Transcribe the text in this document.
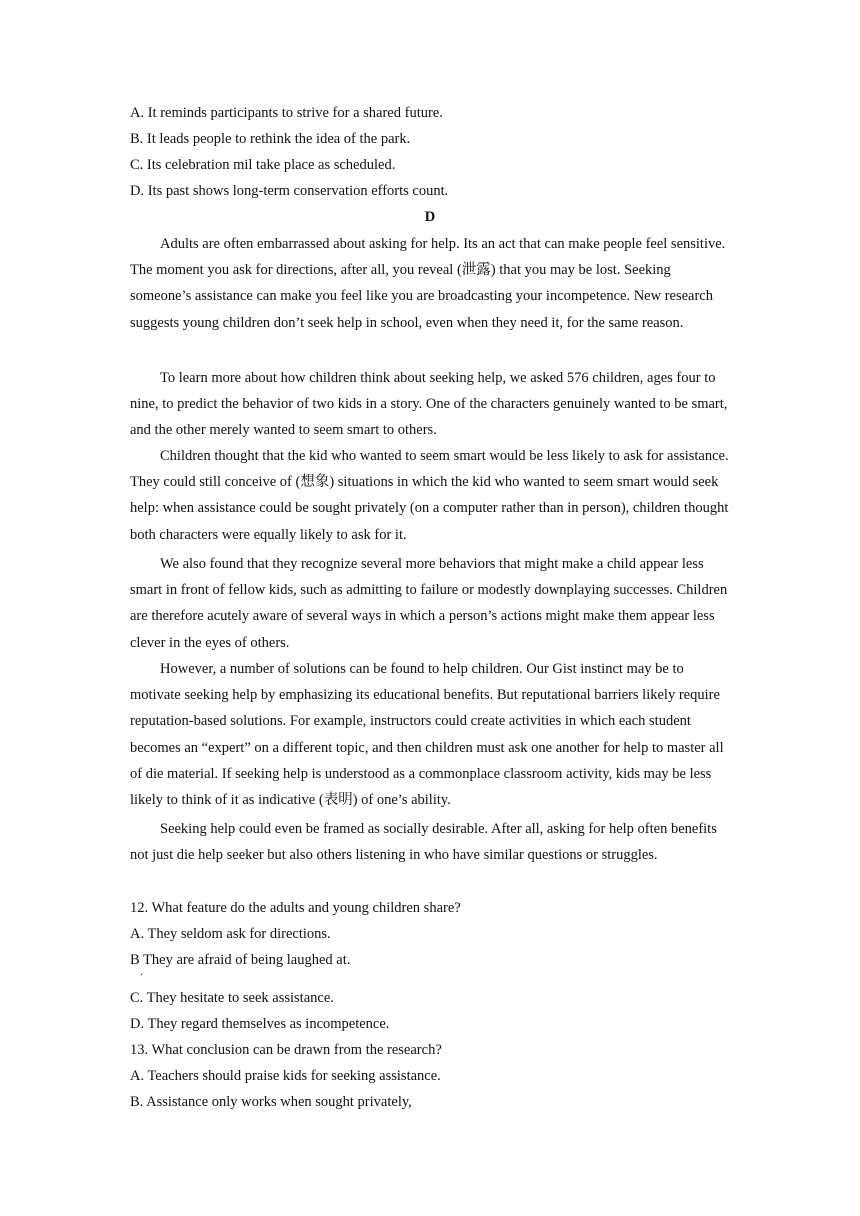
A. It reminds participants to strive for a shared future.
B. It leads people to rethink the idea of the park.
C. Its celebration mil take place as scheduled.
D. Its past shows long-term conservation efforts count.
D
Adults are often embarrassed about asking for help. Its an act that can make people feel sensitive. The moment you ask for directions, after all, you reveal (泄露) that you may be lost. Seeking someone’s assistance can make you feel like you are broadcasting your incompetence. New research suggests young children don’t seek help in school, even when they need it, for the same reason.
To learn more about how children think about seeking help, we asked 576 children, ages four to nine, to predict the behavior of two kids in a story. One of the characters genuinely wanted to be smart, and the other merely wanted to seem smart to others.
Children thought that the kid who wanted to seem smart would be less likely to ask for assistance. They could still conceive of (想象) situations in which the kid who wanted to seem smart would seek help: when assistance could be sought privately (on a computer rather than in person), children thought both characters were equally likely to ask for it.
We also found that they recognize several more behaviors that might make a child appear less smart in front of fellow kids, such as admitting to failure or modestly downplaying successes. Children are therefore acutely aware of several ways in which a person’s actions might make them appear less clever in the eyes of others.
However, a number of solutions can be found to help children. Our Gist instinct may be to motivate seeking help by emphasizing its educational benefits. But reputational barriers likely require reputation-based solutions. For example, instructors could create activities in which each student becomes an “expert” on a different topic, and then children must ask one another for help to master all of die material. If seeking help is understood as a commonplace classroom activity, kids may be less likely to think of it as indicative (表明) of one’s ability.
Seeking help could even be framed as socially desirable. After all, asking for help often benefits not just die help seeker but also others listening in who have similar questions or struggles.
12. What feature do the adults and young children share?
A. They seldom ask for directions.
B They are afraid of being laughed at.
.
C. They hesitate to seek assistance.
D. They regard themselves as incompetence.
13. What conclusion can be drawn from the research?
A. Teachers should praise kids for seeking assistance.
B. Assistance only works when sought privately,
